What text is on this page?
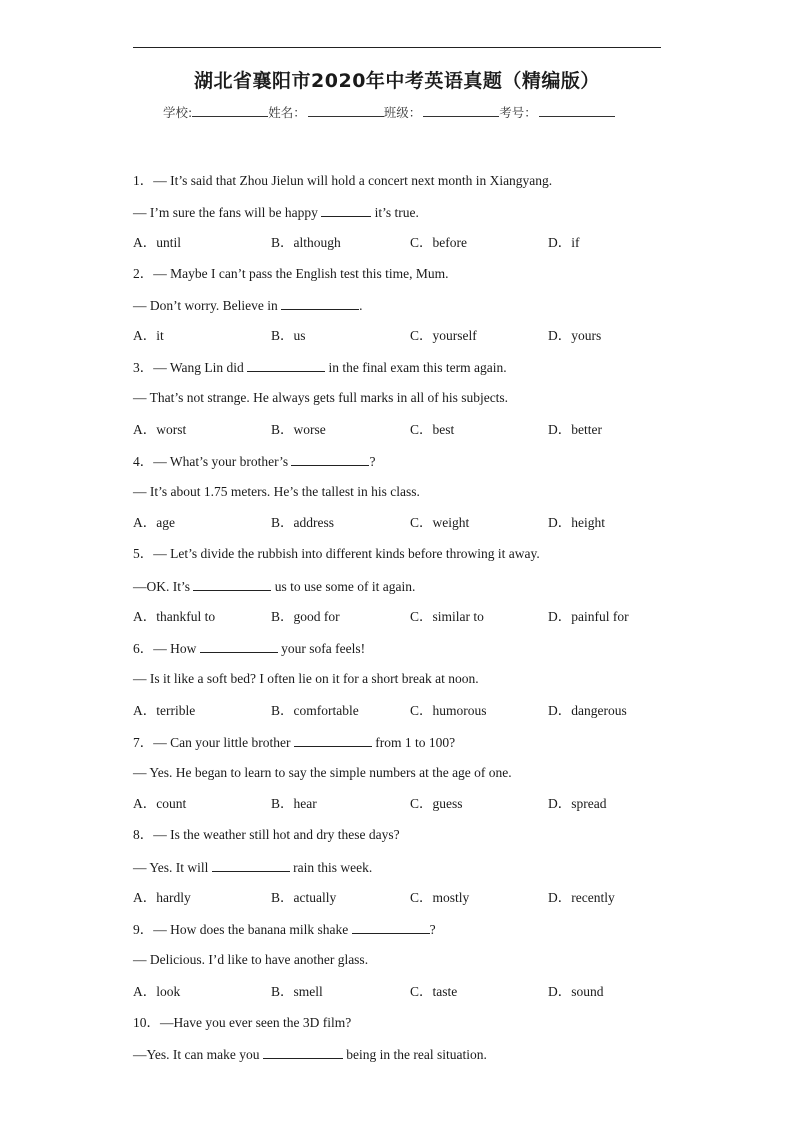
湖北省襄阳市2020年中考英语真题（精编版）
学校:	姓名：	班级：	考号：
1．— It’s said that Zhou Jielun will hold a concert next month in Xiangyang.
— I’m sure the fans will be happy	it’s true.
A．until	B．although	C．before	D．if
2．— Maybe I can’t pass the English test this time, Mum.
— Don’t worry. Believe in	.
A．it	B．us	C．yourself	D．yours
3．— Wang Lin did	in the final exam this term again.
— That’s not strange. He always gets full marks in all of his subjects.
A．worst	B．worse	C．best	D．better
4．— What’s your brother’s	?
— It’s about 1.75 meters. He’s the tallest in his class.
A．age	B．address	C．weight	D．height
5．— Let’s divide the rubbish into different kinds before throwing it away.
—OK. It’s	us to use some of it again.
A．thankful to	B．good for	C．similar to	D．painful for
6．— How	your sofa feels!
— Is it like a soft bed? I often lie on it for a short break at noon.
A．terrible	B．comfortable	C．humorous	D．dangerous
7．— Can your little brother	from 1 to 100?
— Yes. He began to learn to say the simple numbers at the age of one.
A．count	B．hear	C．guess	D．spread
8．— Is the weather still hot and dry these days?
— Yes. It will	rain this week.
A．hardly	B．actually	C．mostly	D．recently
9．— How does the banana milk shake	?
— Delicious. I’d like to have another glass.
A．look	B．smell	C．taste	D．sound
10．—Have you ever seen the 3D film?
—Yes. It can make you	being in the real situation.
